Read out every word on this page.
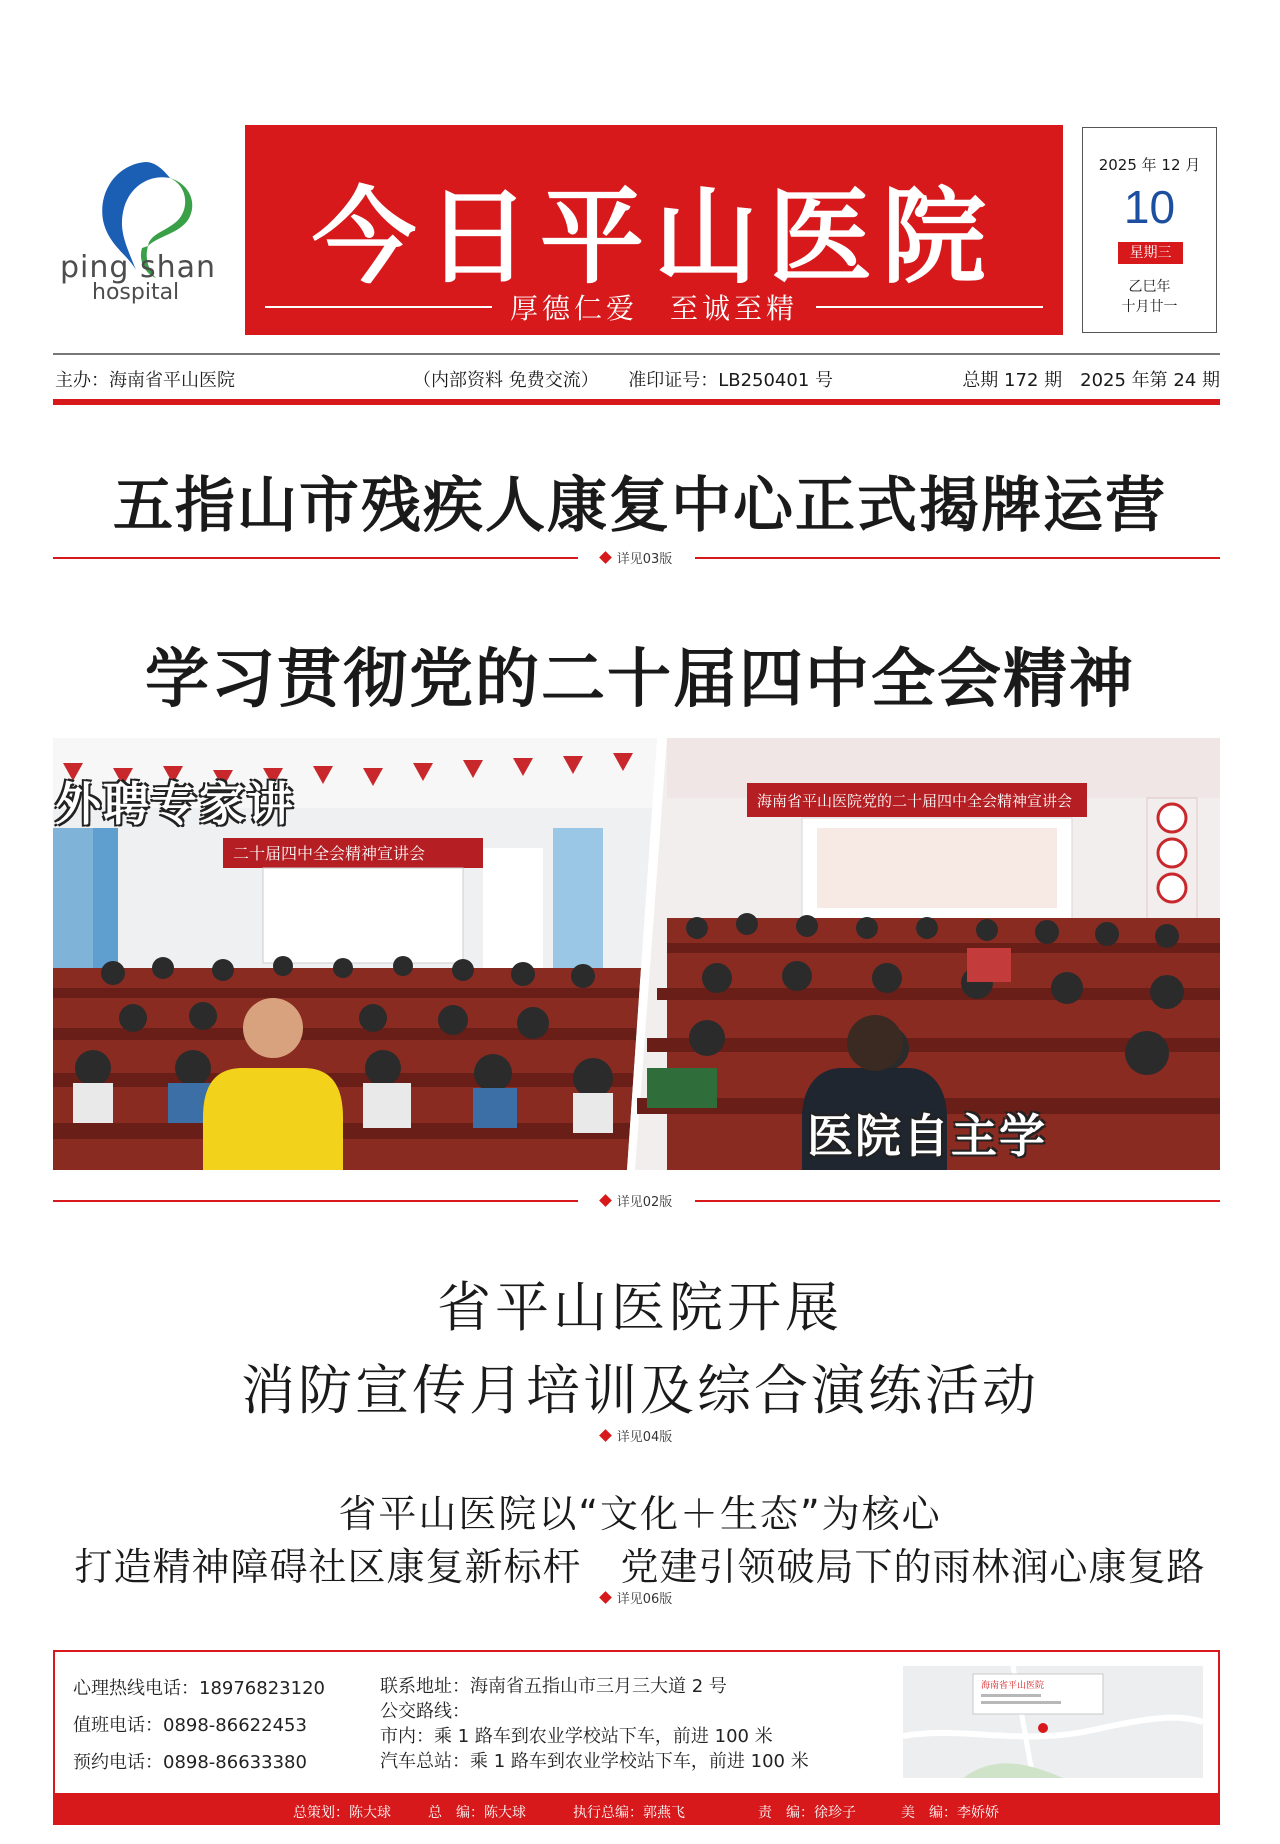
ping shan
hospital	今日平山医院
厚德仁爱　至诚至精
2025 年 12 月
10
星期三
乙巳年
十月廿一
主办：海南省平山医院	（内部资料 免费交流） 准印证号：LB250401 号	总期 172 期　2025 年第 24 期
五指山市残疾人康复中心正式揭牌运营
详见03版
学习贯彻党的二十届四中全会精神
二十届四中全会精神宣讲会
外聘专家讲	海南省平山医院党的二十届四中全会精神宣讲会
医院自主学
详见02版
省平山医院开展
消防宣传月培训及综合演练活动
详见04版
省平山医院以“文化＋生态”为核心
打造精神障碍社区康复新标杆　党建引领破局下的雨林润心康复路
详见06版
心理热线电话：18976823120
值班电话：0898-86622453
预约电话：0898-86633380
联系地址：海南省五指山市三月三大道 2 号
公交路线：
市内：乘 1 路车到农业学校站下车，前进 100 米
汽车总站：乘 1 路车到农业学校站下车，前进 100 米
海南省平山医院
总策划：陈大球	总　编：陈大球	执行总编：郭燕飞	责　编：徐珍子	美　编：李娇娇
